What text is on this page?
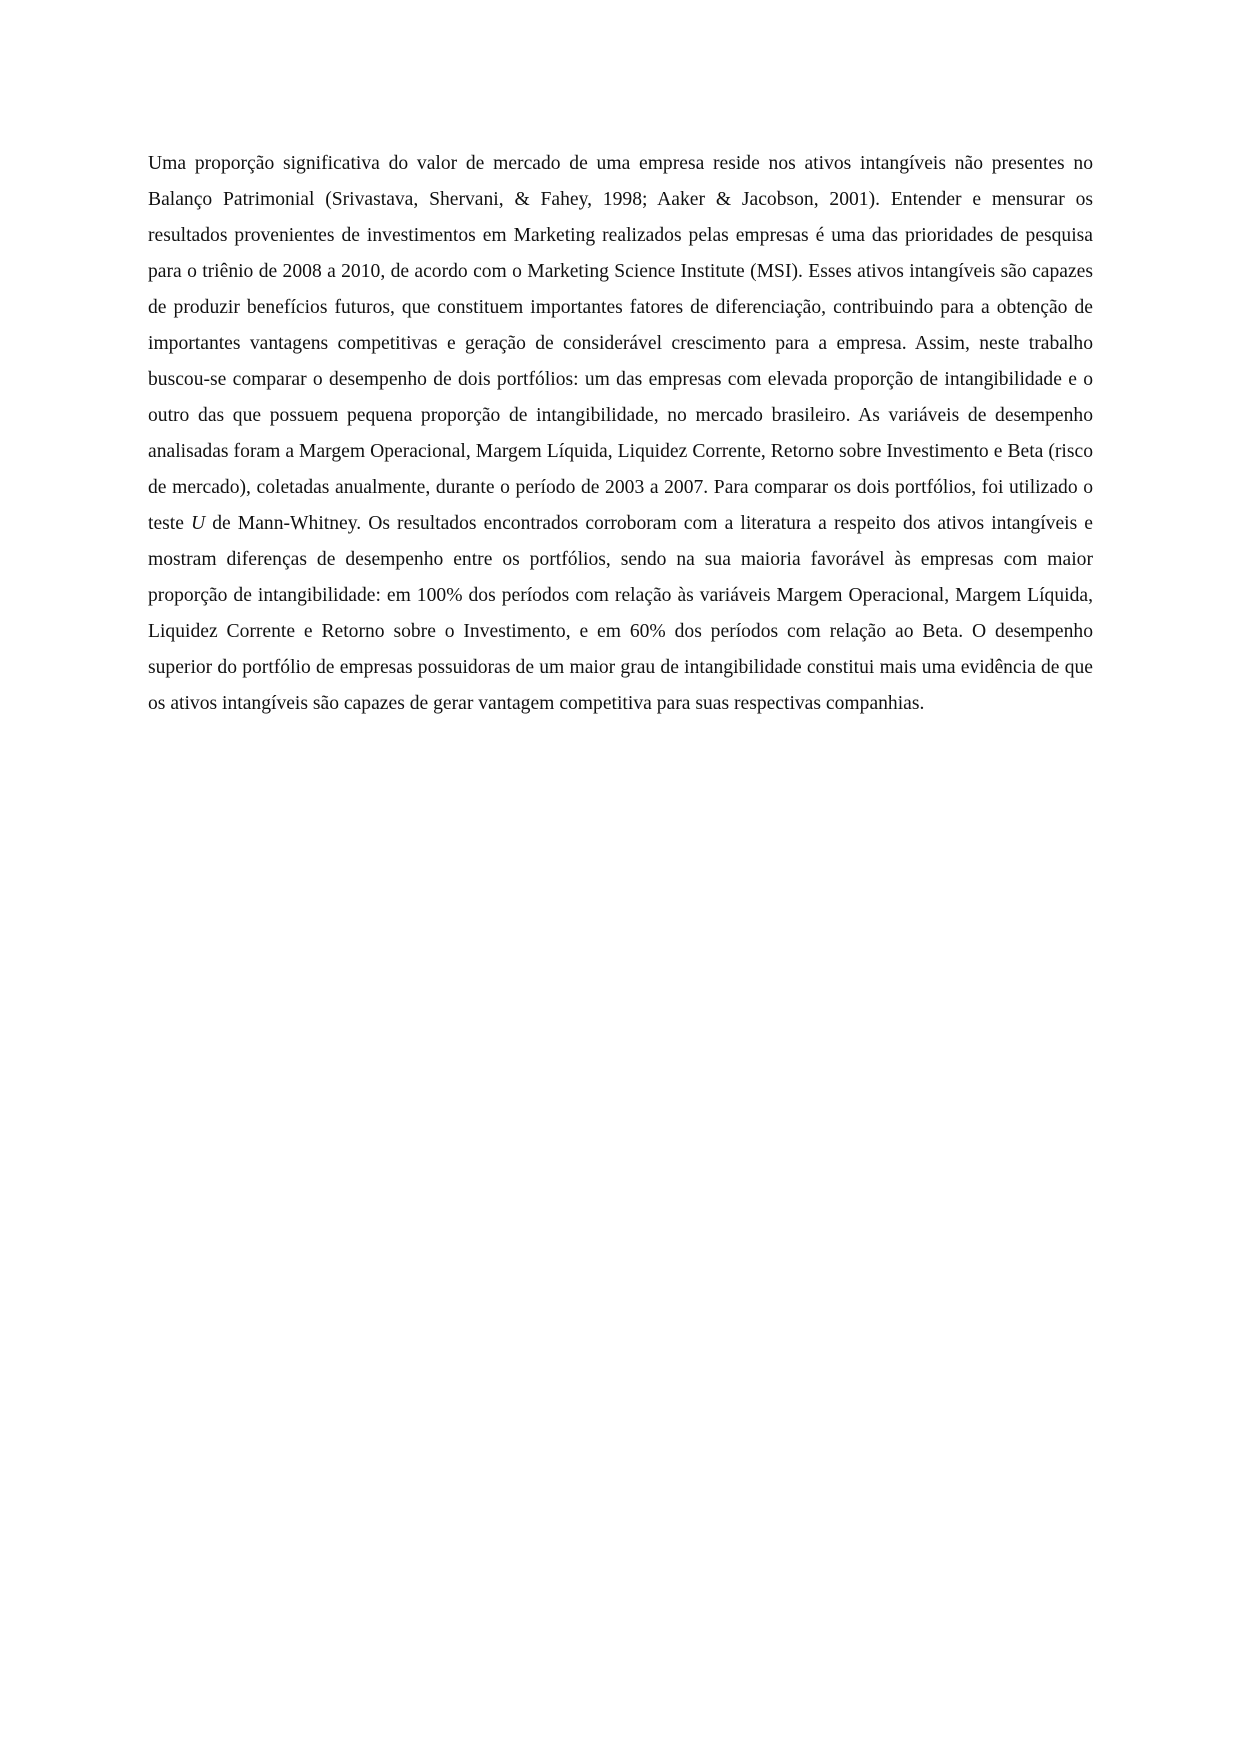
Uma proporção significativa do valor de mercado de uma empresa reside nos ativos intangíveis não presentes no Balanço Patrimonial (Srivastava, Shervani, & Fahey, 1998; Aaker & Jacobson, 2001). Entender e mensurar os resultados provenientes de investimentos em Marketing realizados pelas empresas é uma das prioridades de pesquisa para o triênio de 2008 a 2010, de acordo com o Marketing Science Institute (MSI). Esses ativos intangíveis são capazes de produzir benefícios futuros, que constituem importantes fatores de diferenciação, contribuindo para a obtenção de importantes vantagens competitivas e geração de considerável crescimento para a empresa. Assim, neste trabalho buscou-se comparar o desempenho de dois portfólios: um das empresas com elevada proporção de intangibilidade e o outro das que possuem pequena proporção de intangibilidade, no mercado brasileiro. As variáveis de desempenho analisadas foram a Margem Operacional, Margem Líquida, Liquidez Corrente, Retorno sobre Investimento e Beta (risco de mercado), coletadas anualmente, durante o período de 2003 a 2007. Para comparar os dois portfólios, foi utilizado o teste U de Mann-Whitney. Os resultados encontrados corroboram com a literatura a respeito dos ativos intangíveis e mostram diferenças de desempenho entre os portfólios, sendo na sua maioria favorável às empresas com maior proporção de intangibilidade: em 100% dos períodos com relação às variáveis Margem Operacional, Margem Líquida, Liquidez Corrente e Retorno sobre o Investimento, e em 60% dos períodos com relação ao Beta. O desempenho superior do portfólio de empresas possuidoras de um maior grau de intangibilidade constitui mais uma evidência de que os ativos intangíveis são capazes de gerar vantagem competitiva para suas respectivas companhias.
